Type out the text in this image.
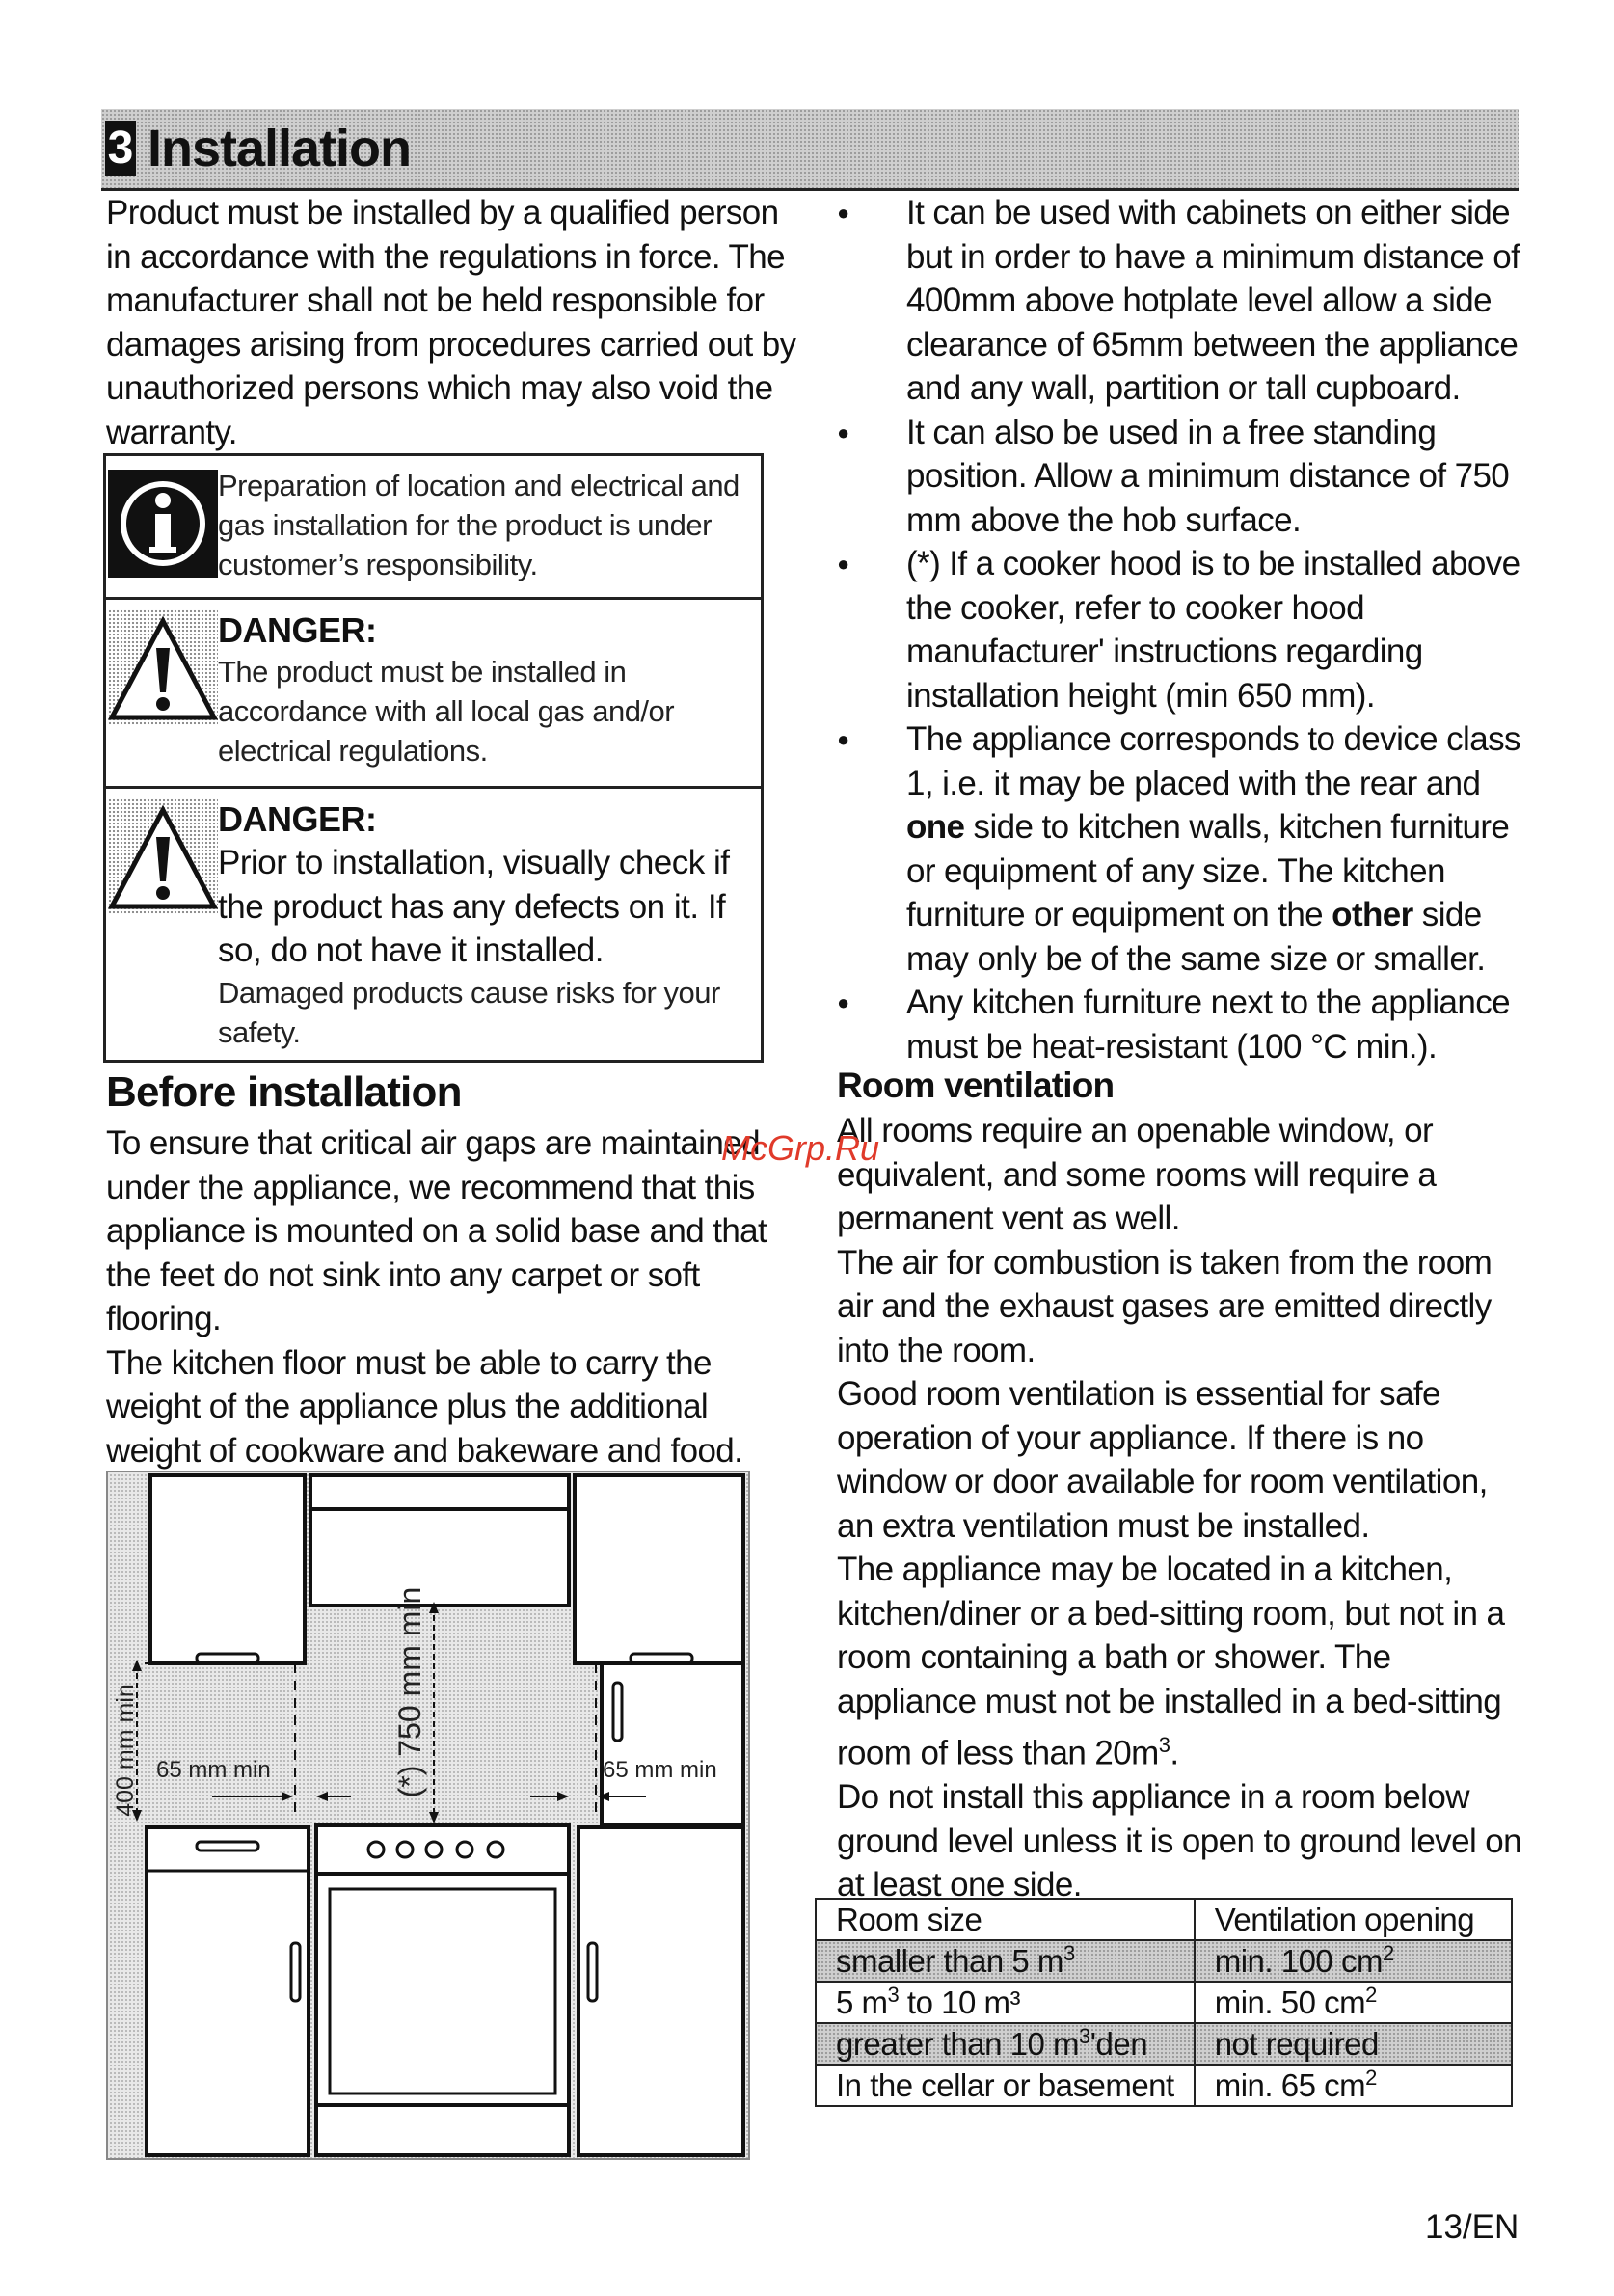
3 Installation

Product must be installed by a qualified person in accordance with the regulations in force. The manufacturer shall not be held responsible for damages arising from procedures carried out by unauthorized persons which may also void the warranty.

Preparation of location and electrical and gas installation for the product is under customer’s responsibility.
DANGER:
The product must be installed in accordance with all local gas and/or electrical regulations.
DANGER:
Prior to installation, visually check if the product has any defects on it. If so, do not have it installed.
Damaged products cause risks for your safety.
Before installation

To ensure that critical air gaps are maintained under the appliance, we recommend that this appliance is mounted on a solid base and that the feet do not sink into any carpet or soft flooring.

The kitchen floor must be able to carry the weight of the appliance plus the additional weight of cookware and bakeware and food.

400 mm min 65 mm min	65 mm min
(*) 750 mm min
● It can be used with cabinets on either side but in order to have a minimum distance of 400mm above hotplate level allow a side clearance of 65mm between the appliance and any wall, partition or tall cupboard.
● It can also be used in a free standing position. Allow a minimum distance of 750 mm above the hob surface.
● (*) If a cooker hood is to be installed above the cooker, refer to cooker hood manufacturer' instructions regarding installation height (min 650 mm).
● The appliance corresponds to device class 1, i.e. it may be placed with the rear and one side to kitchen walls, kitchen furniture or equipment of any size. The kitchen furniture or equipment on the other side may only be of the same size or smaller.
● Any kitchen furniture next to the appliance must be heat-resistant (100 °C min.).
Room ventilation

All rooms require an openable window, or equivalent, and some rooms will require a permanent vent as well.

The air for combustion is taken from the room air and the exhaust gases are emitted directly into the room.

Good room ventilation is essential for safe operation of your appliance. If there is no window or door available for room ventilation, an extra ventilation must be installed.

The appliance may be located in a kitchen, kitchen/diner or a bed-sitting room, but not in a room containing a bath or shower. The appliance must not be installed in a bed-sitting room of less than $20m^3$.

Do not install this appliance in a room below ground level unless it is open to ground level on at least one side.

Room size	Ventilation opening
smaller than 5 $m^3$	min. 100 $cm^2$
5 $m^3$ to 10 m³	min. 50 $cm^2$
greater than 10 $m^3'den$	not required
In the cellar or basement	min. 65 $cm^2$
McGrp.Ru
13/EN
